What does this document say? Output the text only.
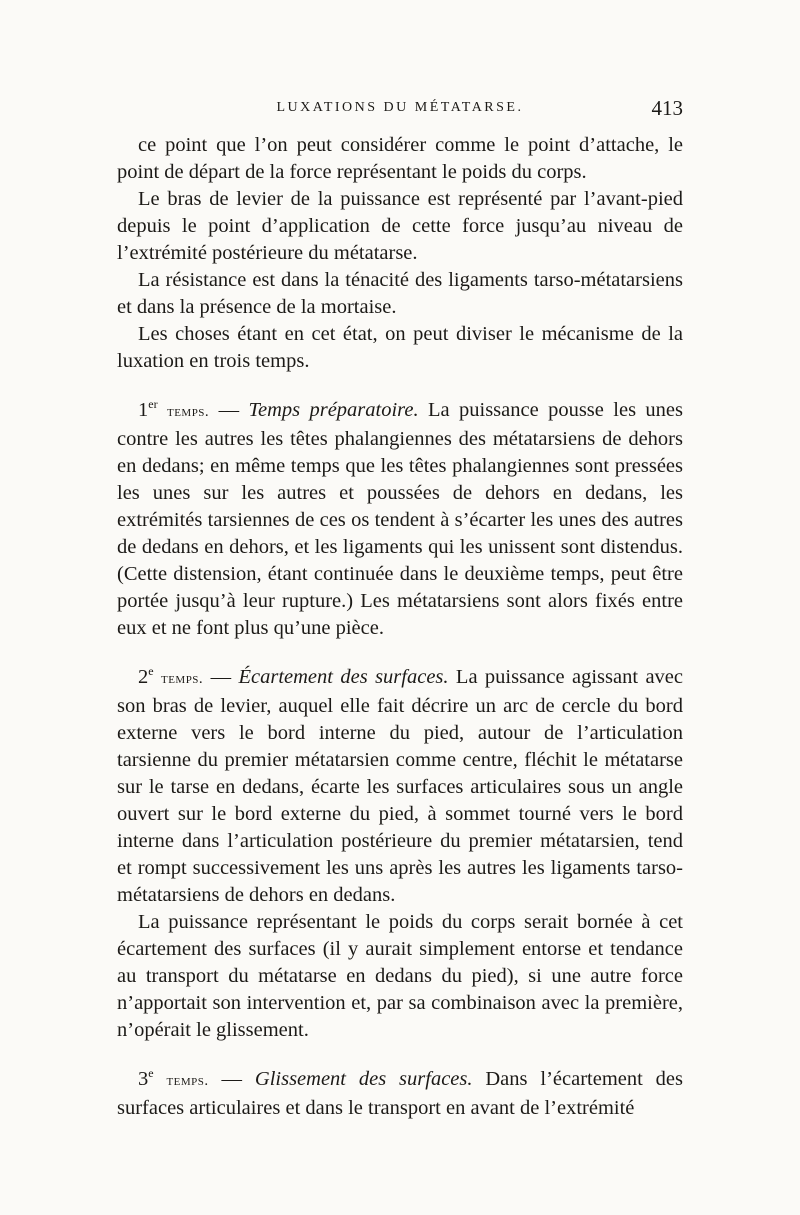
LUXATIONS DU MÉTATARSE.	413

ce point que l’on peut considérer comme le point d’attache, le point de départ de la force représentant le poids du corps.

Le bras de levier de la puissance est représenté par l’avant-pied depuis le point d’application de cette force jusqu’au niveau de l’extrémité postérieure du métatarse.

La résistance est dans la ténacité des ligaments tarso-métatarsiens et dans la présence de la mortaise.

Les choses étant en cet état, on peut diviser le mécanisme de la luxation en trois temps.

1er temps. — Temps préparatoire. La puissance pousse les unes contre les autres les têtes phalangiennes des métatarsiens de dehors en dedans; en même temps que les têtes phalangiennes sont pressées les unes sur les autres et poussées de dehors en dedans, les extrémités tarsiennes de ces os tendent à s’écarter les unes des autres de dedans en dehors, et les ligaments qui les unissent sont distendus. (Cette distension, étant continuée dans le deuxième temps, peut être portée jusqu’à leur rupture.) Les métatarsiens sont alors fixés entre eux et ne font plus qu’une pièce.

2e temps. — Écartement des surfaces. La puissance agissant avec son bras de levier, auquel elle fait décrire un arc de cercle du bord externe vers le bord interne du pied, autour de l’articulation tarsienne du premier métatarsien comme centre, fléchit le métatarse sur le tarse en dedans, écarte les surfaces articulaires sous un angle ouvert sur le bord externe du pied, à sommet tourné vers le bord interne dans l’articulation postérieure du premier métatarsien, tend et rompt successivement les uns après les autres les ligaments tarso-métatarsiens de dehors en dedans.

La puissance représentant le poids du corps serait bornée à cet écartement des surfaces (il y aurait simplement entorse et tendance au transport du métatarse en dedans du pied), si une autre force n’apportait son intervention et, par sa combinaison avec la première, n’opérait le glissement.

3e temps. — Glissement des surfaces. Dans l’écartement des surfaces articulaires et dans le transport en avant de l’extrémité
